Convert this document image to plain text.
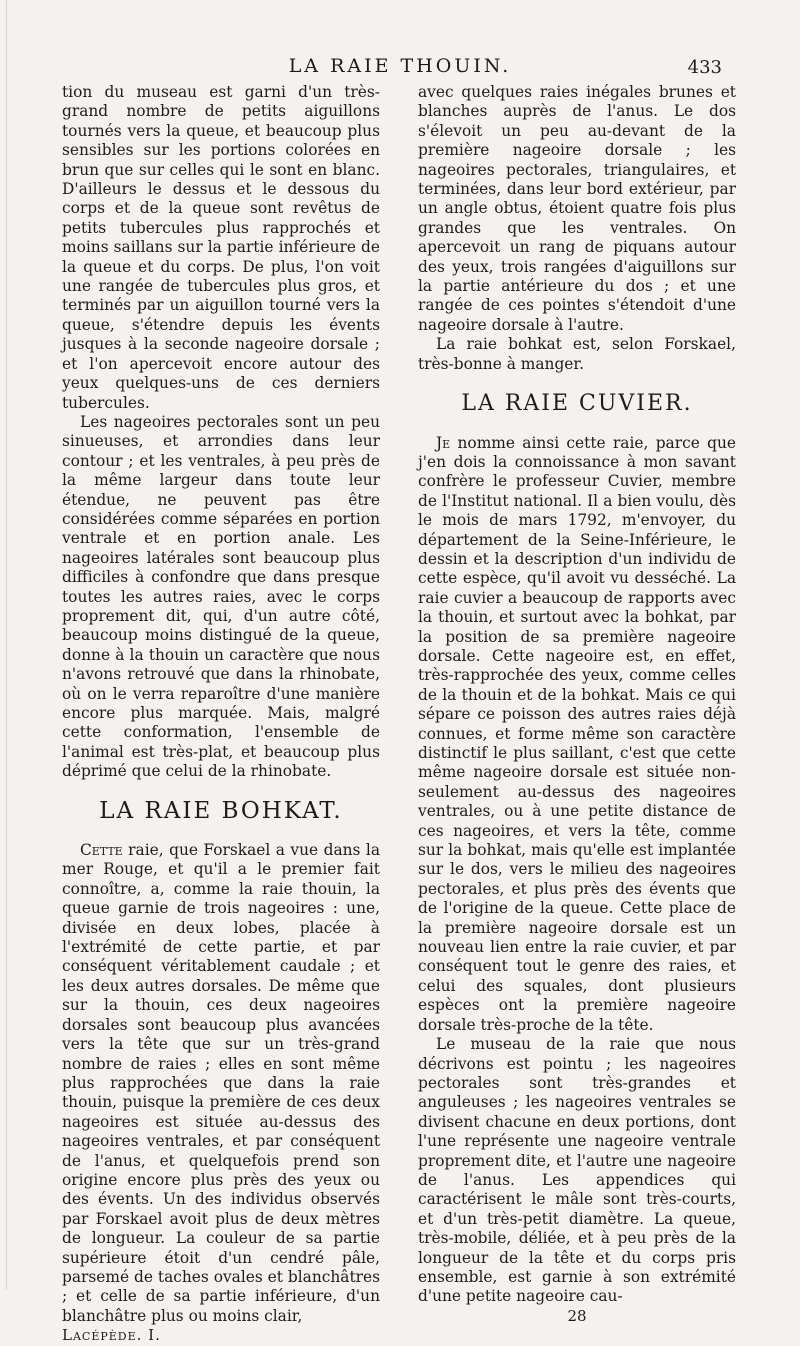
LA RAIE THOUIN.	433

tion du museau est garni d'un très-grand nombre de petits aiguillons tournés vers la queue, et beaucoup plus sensibles sur les portions colorées en brun que sur celles qui le sont en blanc. D'ailleurs le dessus et le dessous du corps et de la queue sont revêtus de petits tubercules plus rapprochés et moins saillans sur la partie inférieure de la queue et du corps. De plus, l'on voit une rangée de tubercules plus gros, et terminés par un aiguillon tourné vers la queue, s'étendre depuis les évents jusques à la seconde nageoire dorsale ; et l'on apercevoit encore autour des yeux quelques-uns de ces derniers tubercules.

Les nageoires pectorales sont un peu sinueuses, et arrondies dans leur contour ; et les ventrales, à peu près de la même largeur dans toute leur étendue, ne peuvent pas être considérées comme séparées en portion ventrale et en portion anale. Les nageoires latérales sont beaucoup plus difficiles à confondre que dans presque toutes les autres raies, avec le corps proprement dit, qui, d'un autre côté, beaucoup moins distingué de la queue, donne à la thouin un caractère que nous n'avons retrouvé que dans la rhinobate, où on le verra reparoître d'une manière encore plus marquée. Mais, malgré cette conformation, l'ensemble de l'animal est très-plat, et beaucoup plus déprimé que celui de la rhinobate.

LA RAIE BOHKAT.

Cette raie, que Forskael a vue dans la mer Rouge, et qu'il a le premier fait connoître, a, comme la raie thouin, la queue garnie de trois nageoires : une, divisée en deux lobes, placée à l'extrémité de cette partie, et par conséquent véritablement caudale ; et les deux autres dorsales. De même que sur la thouin, ces deux nageoires dorsales sont beaucoup plus avancées vers la tête que sur un très-grand nombre de raies ; elles en sont même plus rapprochées que dans la raie thouin, puisque la première de ces deux nageoires est située au-dessus des nageoires ventrales, et par conséquent de l'anus, et quelquefois prend son origine encore plus près des yeux ou des évents. Un des individus observés par Forskael avoit plus de deux mètres de longueur. La couleur de sa partie supérieure étoit d'un cendré pâle, parsemé de taches ovales et blanchâtres ; et celle de sa partie inférieure, d'un blanchâtre plus ou moins clair,

Lacépède. I.

avec quelques raies inégales brunes et blanches auprès de l'anus. Le dos s'élevoit un peu au-devant de la première nageoire dorsale ; les nageoires pectorales, triangulaires, et terminées, dans leur bord extérieur, par un angle obtus, étoient quatre fois plus grandes que les ventrales. On apercevoit un rang de piquans autour des yeux, trois rangées d'aiguillons sur la partie antérieure du dos ; et une rangée de ces pointes s'étendoit d'une nageoire dorsale à l'autre.

La raie bohkat est, selon Forskael, très-bonne à manger.

LA RAIE CUVIER.

Je nomme ainsi cette raie, parce que j'en dois la connoissance à mon savant confrère le professeur Cuvier, membre de l'Institut national. Il a bien voulu, dès le mois de mars 1792, m'envoyer, du département de la Seine-Inférieure, le dessin et la description d'un individu de cette espèce, qu'il avoit vu desséché. La raie cuvier a beaucoup de rapports avec la thouin, et surtout avec la bohkat, par la position de sa première nageoire dorsale. Cette nageoire est, en effet, très-rapprochée des yeux, comme celles de la thouin et de la bohkat. Mais ce qui sépare ce poisson des autres raies déjà connues, et forme même son caractère distinctif le plus saillant, c'est que cette même nageoire dorsale est située non-seulement au-dessus des nageoires ventrales, ou à une petite distance de ces nageoires, et vers la tête, comme sur la bohkat, mais qu'elle est implantée sur le dos, vers le milieu des nageoires pectorales, et plus près des évents que de l'origine de la queue. Cette place de la première nageoire dorsale est un nouveau lien entre la raie cuvier, et par conséquent tout le genre des raies, et celui des squales, dont plusieurs espèces ont la première nageoire dorsale très-proche de la tête.

Le museau de la raie que nous décrivons est pointu ; les nageoires pectorales sont très-grandes et anguleuses ; les nageoires ventrales se divisent chacune en deux portions, dont l'une représente une nageoire ventrale proprement dite, et l'autre une nageoire de l'anus. Les appendices qui caractérisent le mâle sont très-courts, et d'un très-petit diamètre. La queue, très-mobile, déliée, et à peu près de la longueur de la tête et du corps pris ensemble, est garnie à son extrémité d'une petite nageoire cau-

28
